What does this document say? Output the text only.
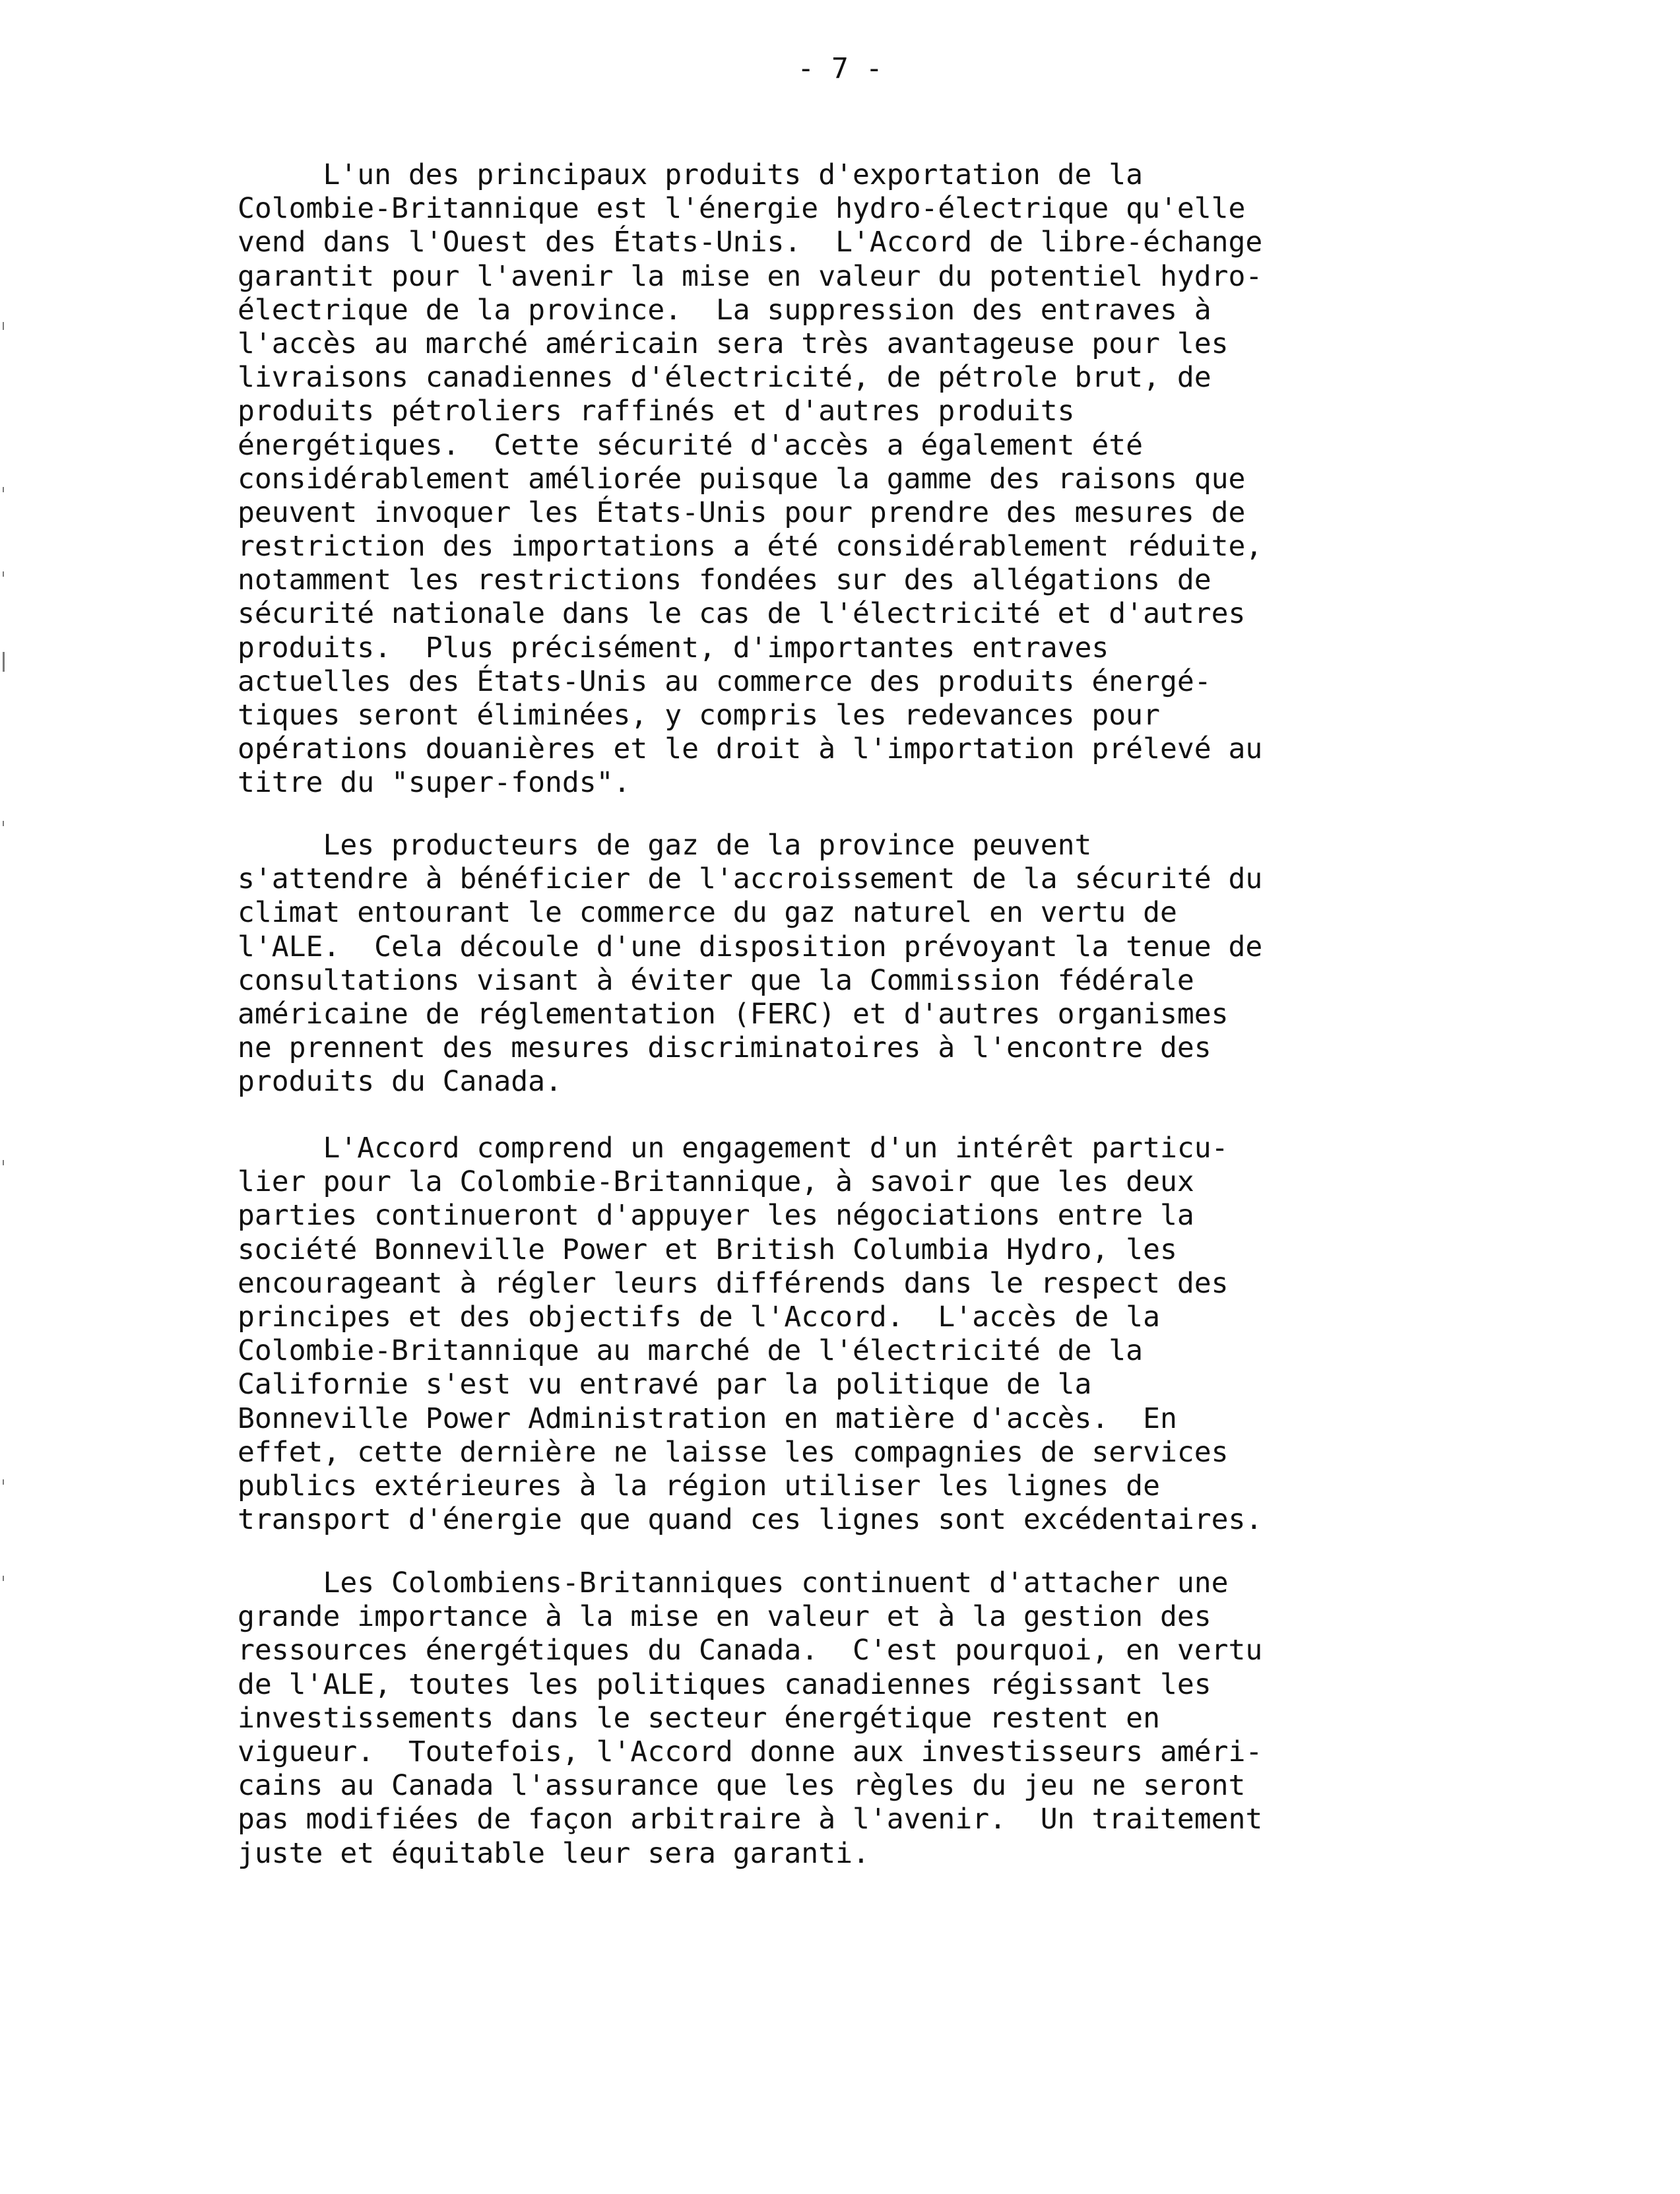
- 7 -
L'un des principaux produits d'exportation de la
Colombie-Britannique est l'énergie hydro-électrique qu'elle
vend dans l'Ouest des États-Unis.  L'Accord de libre-échange
garantit pour l'avenir la mise en valeur du potentiel hydro-
électrique de la province.  La suppression des entraves à
l'accès au marché américain sera très avantageuse pour les
livraisons canadiennes d'électricité, de pétrole brut, de
produits pétroliers raffinés et d'autres produits
énergétiques.  Cette sécurité d'accès a également été
considérablement améliorée puisque la gamme des raisons que
peuvent invoquer les États-Unis pour prendre des mesures de
restriction des importations a été considérablement réduite,
notamment les restrictions fondées sur des allégations de
sécurité nationale dans le cas de l'électricité et d'autres
produits.  Plus précisément, d'importantes entraves
actuelles des États-Unis au commerce des produits énergé-
tiques seront éliminées, y compris les redevances pour
opérations douanières et le droit à l'importation prélevé au
titre du "super-fonds".
Les producteurs de gaz de la province peuvent
s'attendre à bénéficier de l'accroissement de la sécurité du
climat entourant le commerce du gaz naturel en vertu de
l'ALE.  Cela découle d'une disposition prévoyant la tenue de
consultations visant à éviter que la Commission fédérale
américaine de réglementation (FERC) et d'autres organismes
ne prennent des mesures discriminatoires à l'encontre des
produits du Canada.
L'Accord comprend un engagement d'un intérêt particu-
lier pour la Colombie-Britannique, à savoir que les deux
parties continueront d'appuyer les négociations entre la
société Bonneville Power et British Columbia Hydro, les
encourageant à régler leurs différends dans le respect des
principes et des objectifs de l'Accord.  L'accès de la
Colombie-Britannique au marché de l'électricité de la
Californie s'est vu entravé par la politique de la
Bonneville Power Administration en matière d'accès.  En
effet, cette dernière ne laisse les compagnies de services
publics extérieures à la région utiliser les lignes de
transport d'énergie que quand ces lignes sont excédentaires.
Les Colombiens-Britanniques continuent d'attacher une
grande importance à la mise en valeur et à la gestion des
ressources énergétiques du Canada.  C'est pourquoi, en vertu
de l'ALE, toutes les politiques canadiennes régissant les
investissements dans le secteur énergétique restent en
vigueur.  Toutefois, l'Accord donne aux investisseurs améri-
cains au Canada l'assurance que les règles du jeu ne seront
pas modifiées de façon arbitraire à l'avenir.  Un traitement
juste et équitable leur sera garanti.
